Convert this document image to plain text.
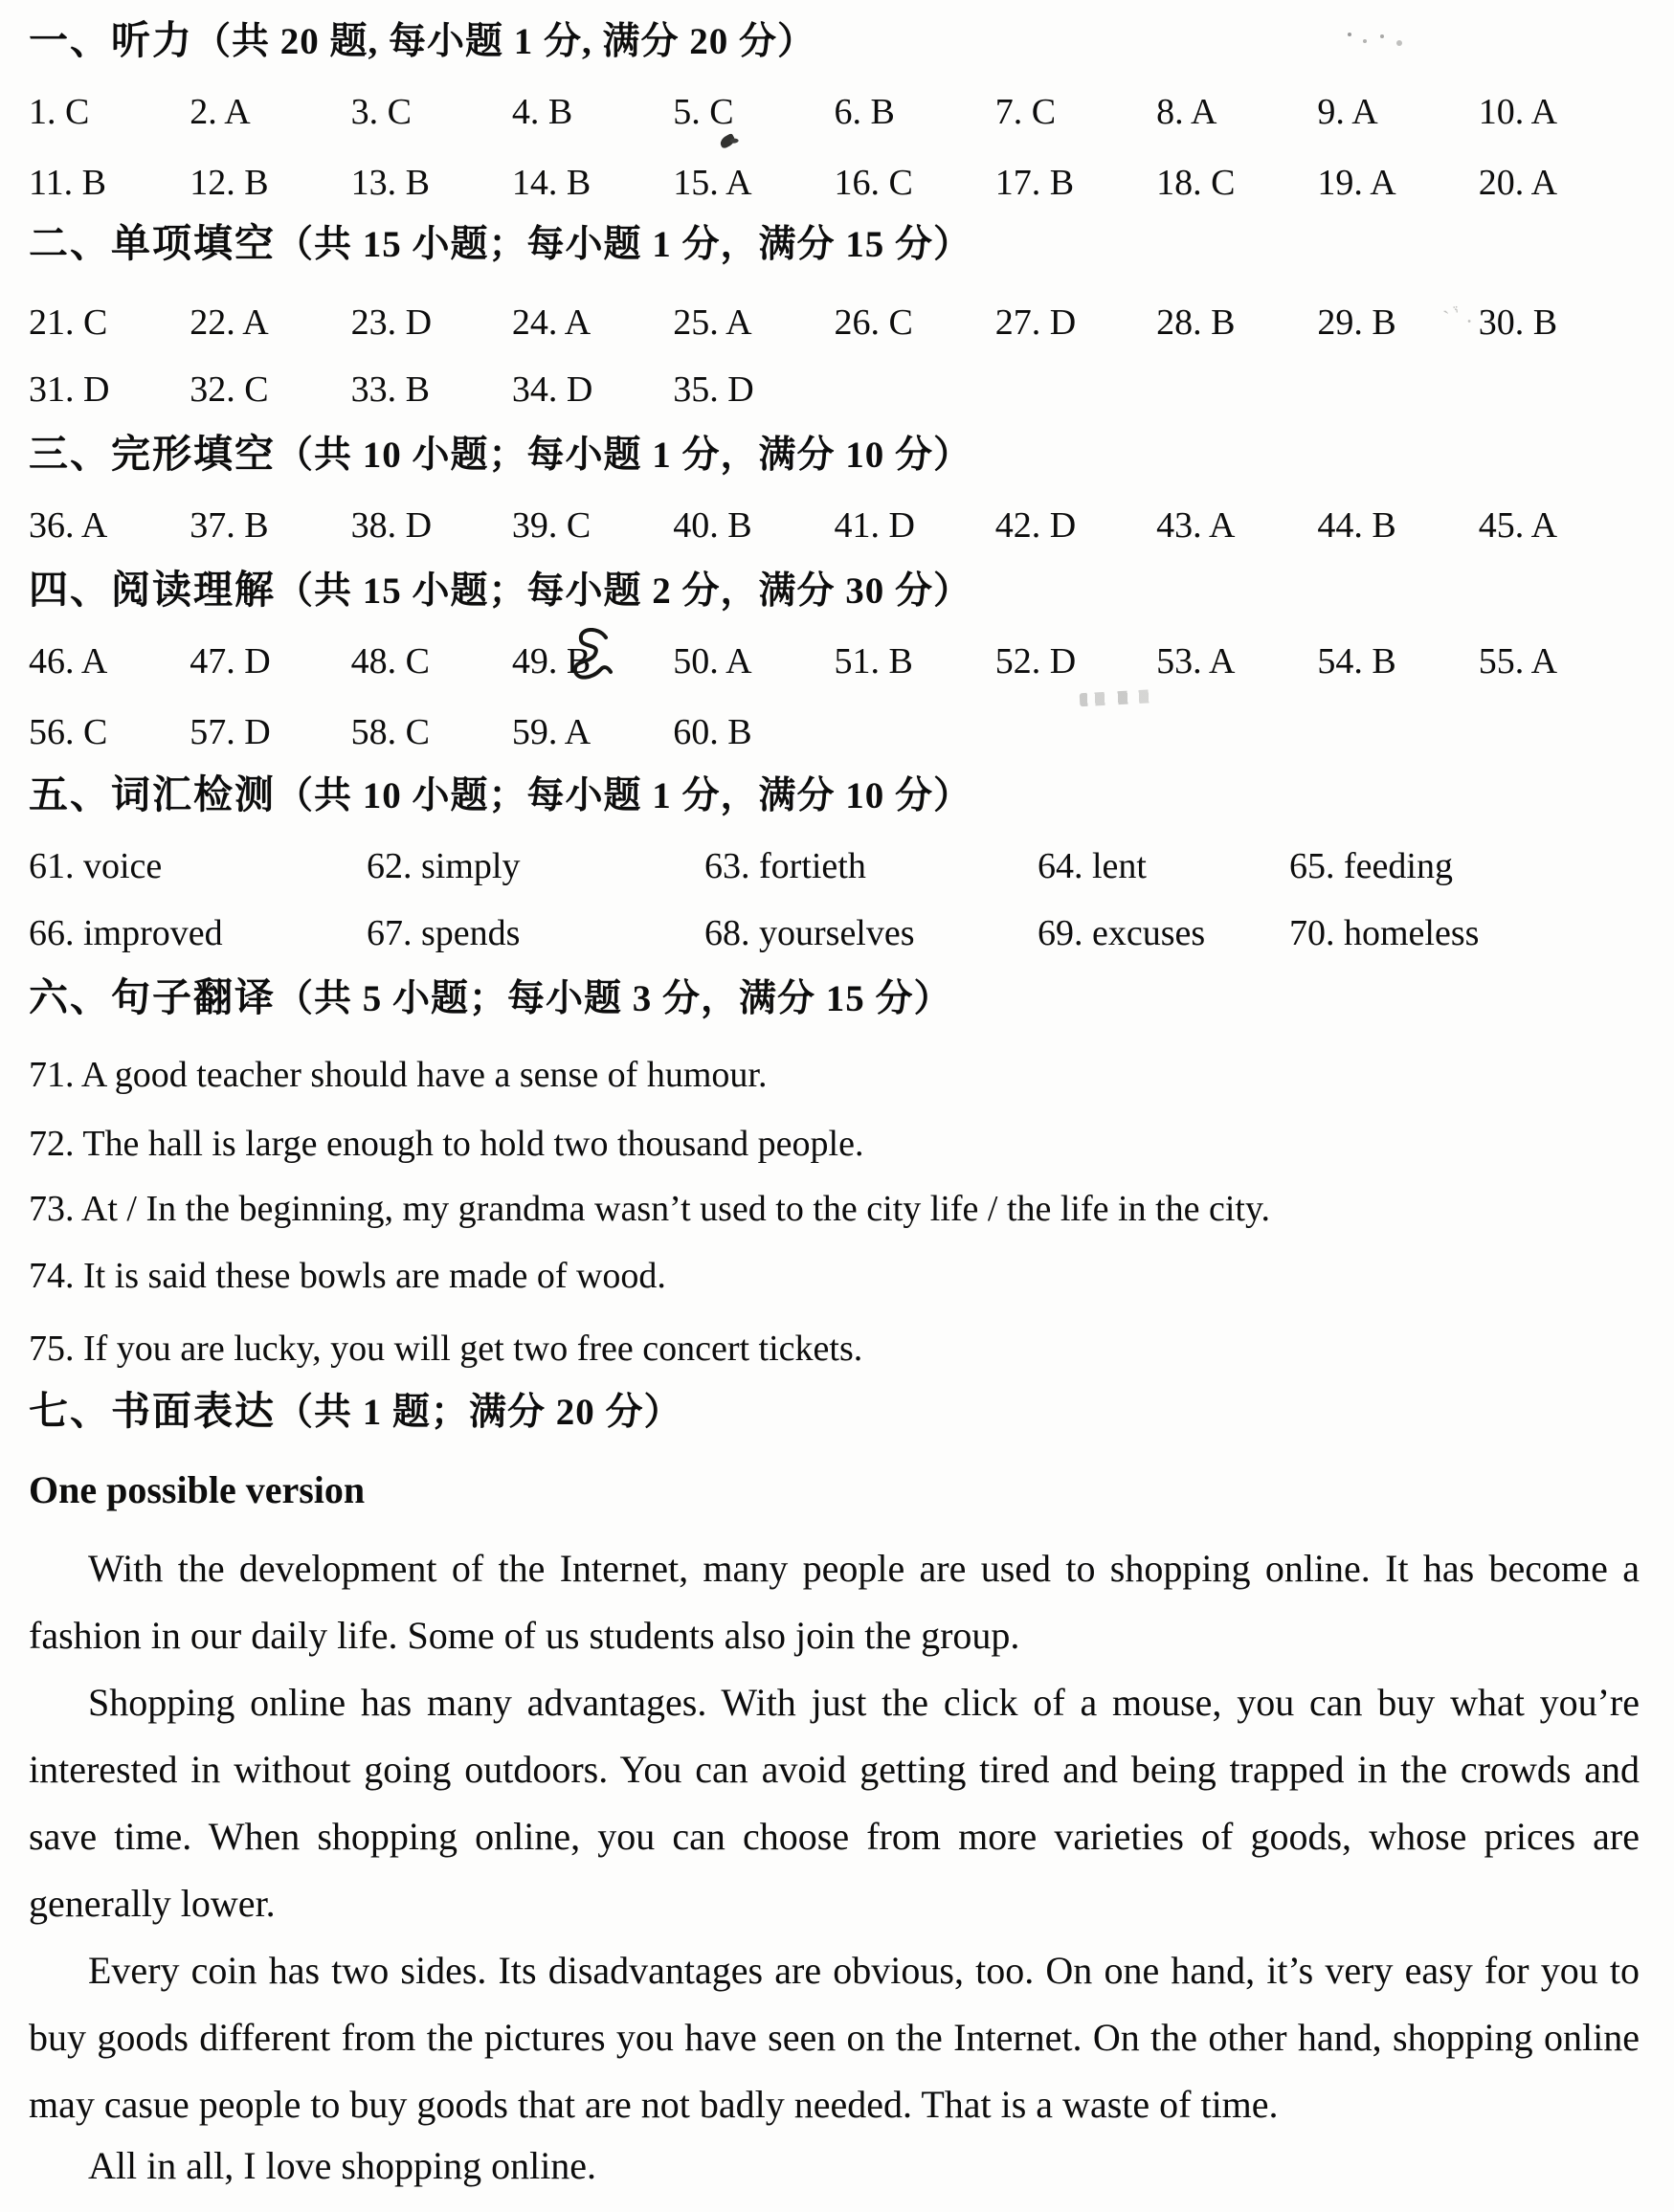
`ˈ֒․
一、听力（共 20 题, 每小题 1 分, 满分 20 分）
1. C	2. A	3. C	4. B	5. C	6. B	7. C	8. A	9. A	10. A
11. B	12. B	13. B	14. B	15. A	16. C	17. B	18. C	19. A	20. A
二、单项填空（共 15 小题；每小题 1 分，满分 15 分）
21. C	22. A	23. D	24. A	25. A	26. C	27. D	28. B	29. B	30. B
31. D	32. C	33. B	34. D	35. D
三、完形填空（共 10 小题；每小题 1 分，满分 10 分）
36. A	37. B	38. D	39. C	40. B	41. D	42. D	43. A	44. B	45. A
四、阅读理解（共 15 小题；每小题 2 分，满分 30 分）
46. A	47. D	48. C	49. B	50. A	51. B	52. D	53. A	54. B	55. A
56. C	57. D	58. C	59. A	60. B
五、词汇检测（共 10 小题；每小题 1 分，满分 10 分）
61. voice	62. simply	63. fortieth	64. lent	65. feeding
66. improved	67. spends	68. yourselves	69. excuses	70. homeless
六、句子翻译（共 5 小题；每小题 3 分，满分 15 分）
71. A good teacher should have a sense of humour.
72. The hall is large enough to hold two thousand people.
73. At / In the beginning, my grandma wasn’t used to the city life / the life in the city.
74. It is said these bowls are made of wood.
75. If you are lucky, you will get two free concert tickets.
七、书面表达（共 1 题；满分 20 分）
One possible version

With the development of the Internet, many people are used to shopping online. It has become a fashion in our daily life. Some of us students also join the group.

Shopping online has many advantages. With just the click of a mouse, you can buy what you’re interested in without going outdoors. You can avoid getting tired and being trapped in the crowds and save time. When shopping online, you can choose from more varieties of goods, whose prices are generally lower.

Every coin has two sides. Its disadvantages are obvious, too. On one hand, it’s very easy for you to buy goods different from the pictures you have seen on the Internet. On the other hand, shopping online may casue people to buy goods that are not badly needed. That is a waste of time.

All in all, I love shopping online.
